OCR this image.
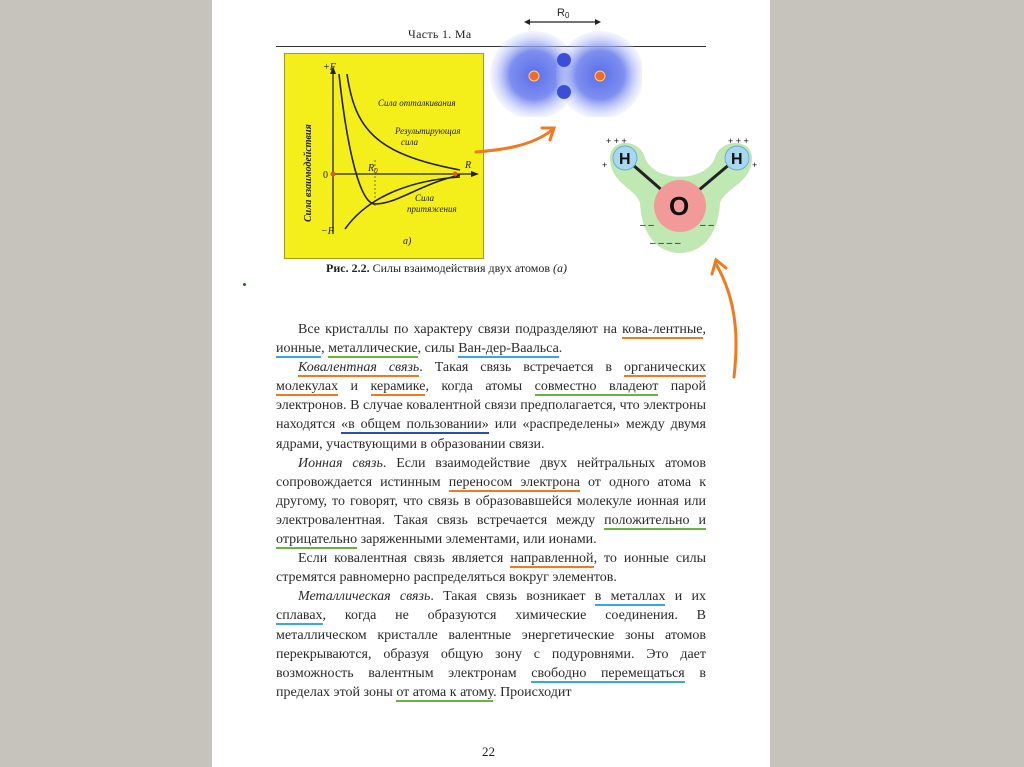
Часть 1. Ма
+F
−F
0
$R_0$	R
Сила отталкивания
Результирующая
сила
Сила
притяжения
а)
Сила взаимодействия
Рис. 2.2. Силы взаимодействия двух атомов (а)
R0
H	H
O
+ + +	+ + +
+	+
– –
– – – –
– –

Все кристаллы по характеру связи подразделяют на кова-лентные, ионные, металлические, силы Ван-дер-Ваальса.

Ковалентная связь. Такая связь встречается в органических молекулах и керамике, когда атомы совместно владеют парой электронов. В случае ковалентной связи предполагается, что электроны находятся «в общем пользовании» или «распределены» между двумя ядрами, участвующими в образовании связи.

Ионная связь. Если взаимодействие двух нейтральных атомов сопровождается истинным переносом электрона от одного атома к другому, то говорят, что связь в образовавшейся молекуле ионная или электровалентная. Такая связь встречается между положительно и отрицательно заряженными элементами, или ионами.

Если ковалентная связь является направленной, то ионные силы стремятся равномерно распределяться вокруг элементов.

Металлическая связь. Такая связь возникает в металлах и их сплавах, когда не образуются химические соединения. В металлическом кристалле валентные энергетические зоны атомов перекрываются, образуя общую зону с подуровнями. Это дает возможность валентным электронам свободно перемещаться в пределах этой зоны от атома к атому. Происходит

22
